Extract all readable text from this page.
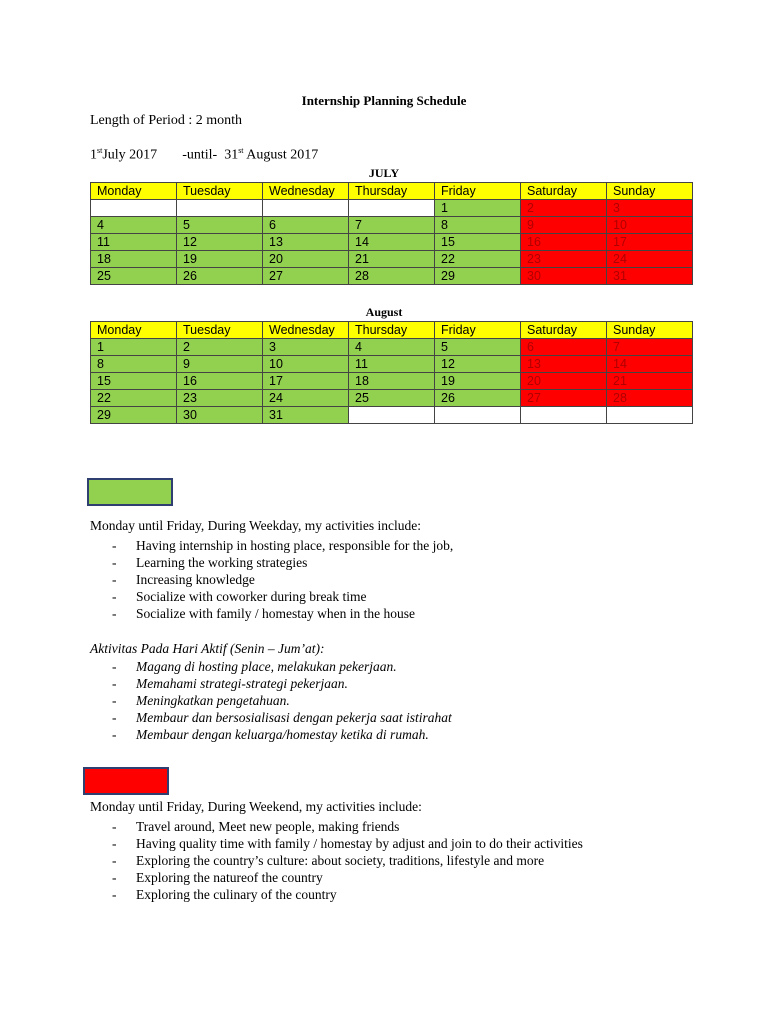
Internship Planning Schedule
Length of Period : 2 month
1stJuly 2017 -until- 31st August 2017
JULY
Monday	Tuesday	Wednesday	Thursday	Friday	Saturday	Sunday
				1	2	3
4	5	6	7	8	9	10
11	12	13	14	15	16	17
18	19	20	21	22	23	24
25	26	27	28	29	30	31
August
Monday	Tuesday	Wednesday	Thursday	Friday	Saturday	Sunday
1	2	3	4	5	6	7
8	9	10	11	12	13	14
15	16	17	18	19	20	21
22	23	24	25	26	27	28
29	30	31				
Monday until Friday, During Weekday, my activities include:
- Having internship in hosting place, responsible for the job,
- Learning the working strategies
- Increasing knowledge
- Socialize with coworker during break time
- Socialize with family / homestay when in the house
Aktivitas Pada Hari Aktif (Senin – Jum’at):
- Magang di hosting place, melakukan pekerjaan.
- Memahami strategi-strategi pekerjaan.
- Meningkatkan pengetahuan.
- Membaur dan bersosialisasi dengan pekerja saat istirahat
- Membaur dengan keluarga/homestay ketika di rumah.
Monday until Friday, During Weekend, my activities include:
- Travel around, Meet new people, making friends
- Having quality time with family / homestay by adjust and join to do their activities
- Exploring the country’s culture: about society, traditions, lifestyle and more
- Exploring the natureof the country
- Exploring the culinary of the country
